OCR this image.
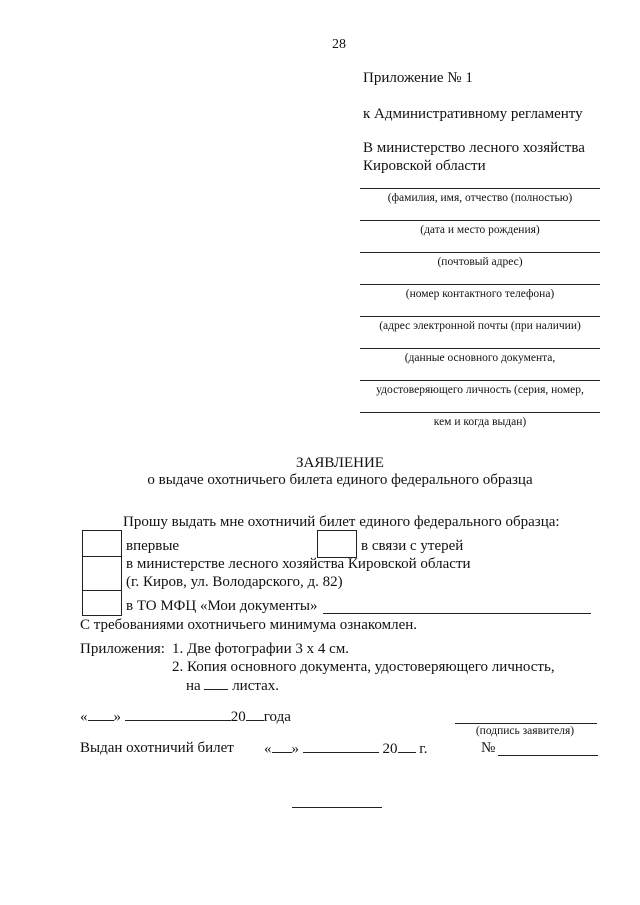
28
Приложение № 1
к Административному регламенту
В министерство лесного хозяйства
Кировской области
(фамилия, имя, отчество (полностью)
(дата и место рождения)
(почтовый адрес)
(номер контактного телефона)
(адрес электронной почты (при наличии)
(данные основного документа,
удостоверяющего личность (серия, номер,
кем и когда выдан)
ЗАЯВЛЕНИЕ
о выдаче охотничьего билета единого федерального образца
Прошу выдать мне охотничий билет единого федерального образца:
впервые	в связи с утерей
в министерстве лесного хозяйства Кировской области
(г. Киров, ул. Володарского, д. 82)
в ТО МФЦ «Мои документы»
С требованиями охотничьего минимума ознакомлен.
Приложения: 1. Две фотографии 3 х 4 см.
2. Копия основного документа, удостоверяющего личность,
на листах.
« »	20 года
(подпись заявителя)
Выдан охотничий билет « »	20 г.	№
